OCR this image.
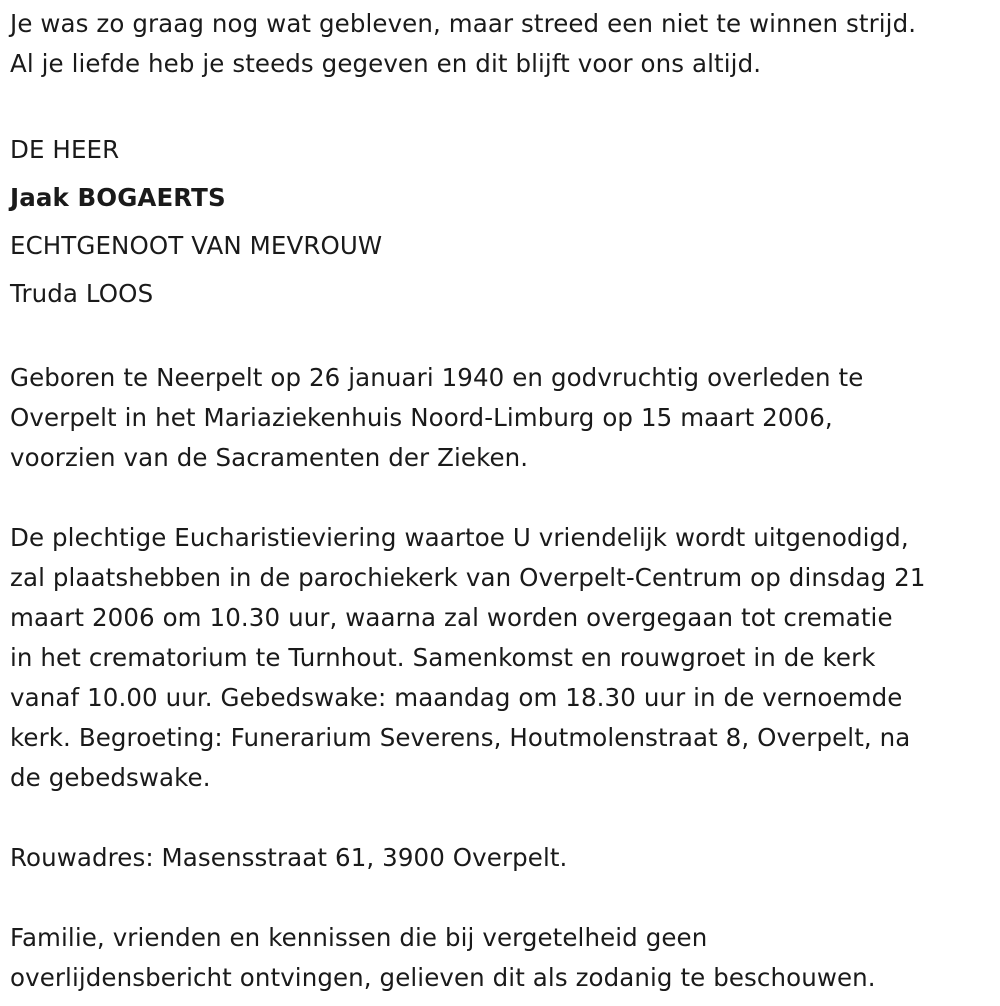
Je was zo graag nog wat gebleven, maar streed een niet te winnen strijd.
Al je liefde heb je steeds gegeven en dit blijft voor ons altijd.
DE HEER
Jaak BOGAERTS
ECHTGENOOT VAN MEVROUW
Truda LOOS
Geboren te Neerpelt op 26 januari 1940 en godvruchtig overleden te
Overpelt in het Mariaziekenhuis Noord-Limburg op 15 maart 2006,
voorzien van de Sacramenten der Zieken.
De plechtige Eucharistieviering waartoe U vriendelijk wordt uitgenodigd,
zal plaatshebben in de parochiekerk van Overpelt-Centrum op dinsdag 21
maart 2006 om 10.30 uur, waarna zal worden overgegaan tot crematie
in het crematorium te Turnhout. Samenkomst en rouwgroet in de kerk
vanaf 10.00 uur. Gebedswake: maandag om 18.30 uur in de vernoemde
kerk. Begroeting: Funerarium Severens, Houtmolenstraat 8, Overpelt, na
de gebedswake.
Rouwadres: Masensstraat 61, 3900 Overpelt.
Familie, vrienden en kennissen die bij vergetelheid geen
overlijdensbericht ontvingen, gelieven dit als zodanig te beschouwen.
